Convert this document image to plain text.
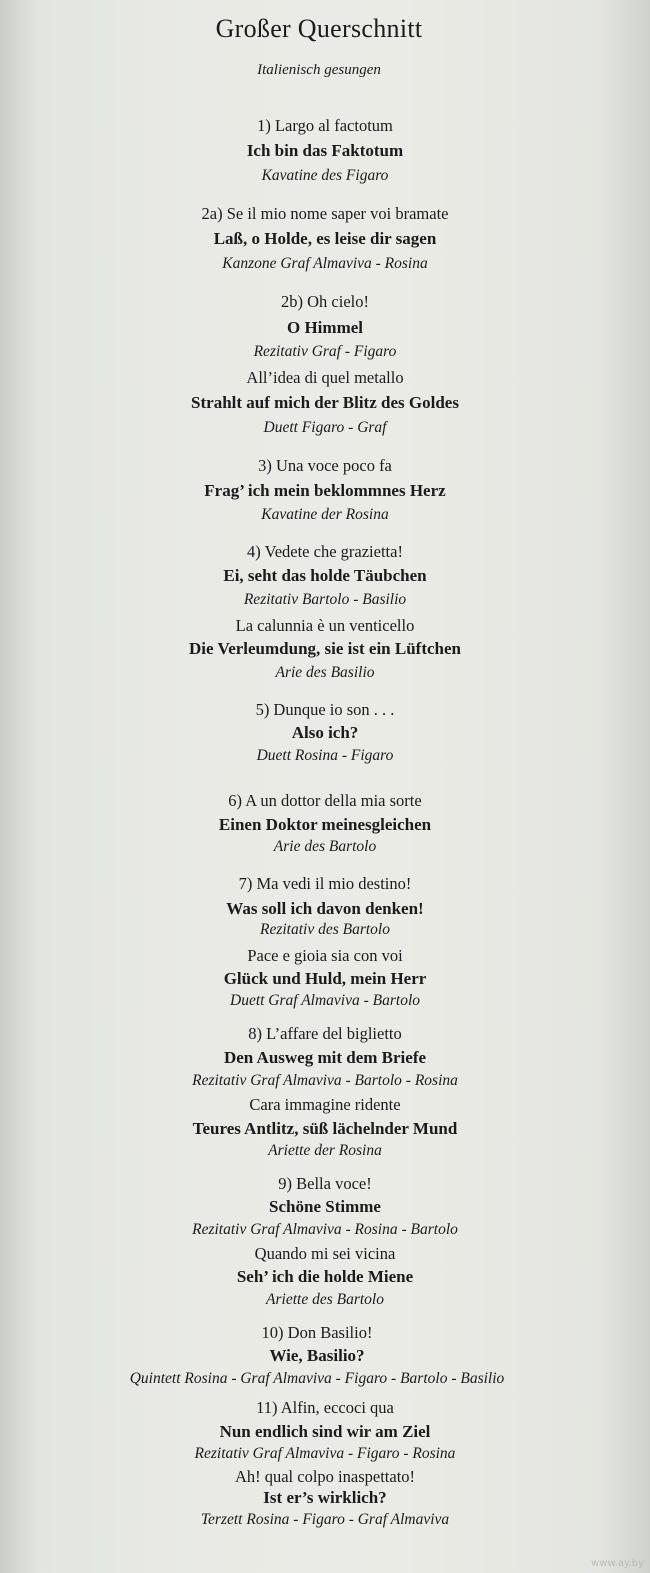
Großer Querschnitt
Italienisch gesungen
1) Largo al factotum
Ich bin das Faktotum
Kavatine des Figaro
2a) Se il mio nome saper voi bramate
Laß, o Holde, es leise dir sagen
Kanzone Graf Almaviva - Rosina
2b) Oh cielo!
O Himmel
Rezitativ Graf - Figaro
All’idea di quel metallo
Strahlt auf mich der Blitz des Goldes
Duett Figaro - Graf
3) Una voce poco fa
Frag’ ich mein beklommnes Herz
Kavatine der Rosina
4) Vedete che grazietta!
Ei, seht das holde Täubchen
Rezitativ Bartolo - Basilio
La calunnia è un venticello
Die Verleumdung, sie ist ein Lüftchen
Arie des Basilio
5) Dunque io son . . .
Also ich?
Duett Rosina - Figaro
6) A un dottor della mia sorte
Einen Doktor meinesgleichen
Arie des Bartolo
7) Ma vedi il mio destino!
Was soll ich davon denken!
Rezitativ des Bartolo
Pace e gioia sia con voi
Glück und Huld, mein Herr
Duett Graf Almaviva - Bartolo
8) L’affare del biglietto
Den Ausweg mit dem Briefe
Rezitativ Graf Almaviva - Bartolo - Rosina
Cara immagine ridente
Teures Antlitz, süß lächelnder Mund
Ariette der Rosina
9) Bella voce!
Schöne Stimme
Rezitativ Graf Almaviva - Rosina - Bartolo
Quando mi sei vicina
Seh’ ich die holde Miene
Ariette des Bartolo
10) Don Basilio!
Wie, Basilio?
Quintett Rosina - Graf Almaviva - Figaro - Bartolo - Basilio
11) Alfin, eccoci qua
Nun endlich sind wir am Ziel
Rezitativ Graf Almaviva - Figaro - Rosina
Ah! qual colpo inaspettato!
Ist er’s wirklich?
Terzett Rosina - Figaro - Graf Almaviva
www.ay.by
